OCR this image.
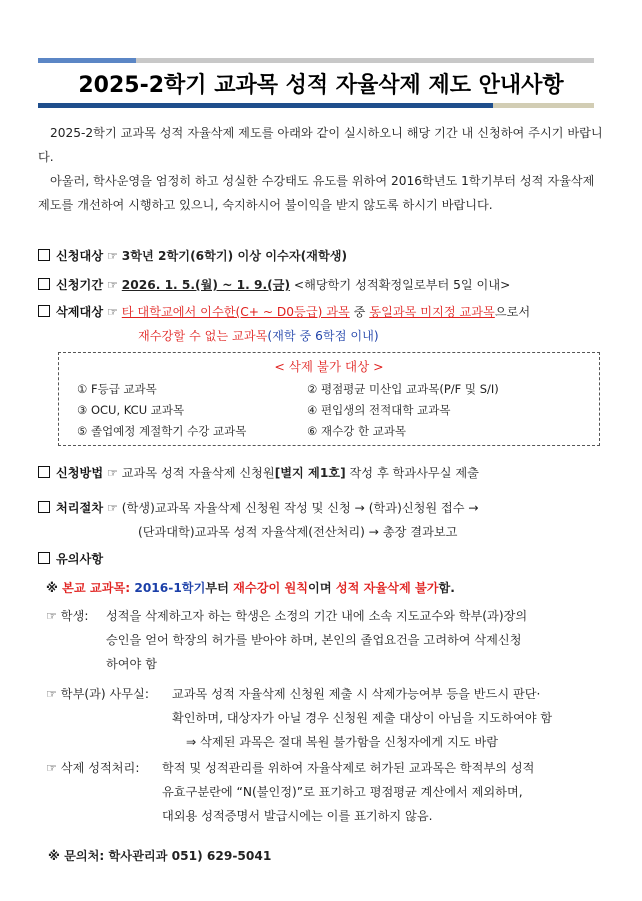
2025-2학기 교과목 성적 자율삭제 제도 안내사항
2025-2학기 교과목 성적 자율삭제 제도를 아래와 같이 실시하오니 해당 기간 내 신청하여 주시기 바랍니다.
아울러, 학사운영을 엄정히 하고 성실한 수강태도 유도를 위하여 2016학년도 1학기부터 성적 자율삭제 제도를 개선하여 시행하고 있으니, 숙지하시어 불이익을 받지 않도록 하시기 바랍니다.
신청대상 ☞ 3학년 2학기(6학기) 이상 이수자(재학생)
신청기간 ☞ 2026. 1. 5.(월) ~ 1. 9.(금) <해당학기 성적확정일로부터 5일 이내>
삭제대상 ☞ 타 대학교에서 이수한(C+ ~ D0등급) 과목 중 동일과목 미지정 교과목으로서
재수강할 수 없는 교과목(재학 중 6학점 이내)
< 삭제 불가 대상 >
① F등급 교과목	② 평점평균 미산입 교과목(P/F 및 S/I)
③ OCU, KCU 교과목	④ 편입생의 전적대학 교과목
⑤ 졸업예정 계절학기 수강 교과목	⑥ 재수강 한 교과목
신청방법 ☞ 교과목 성적 자율삭제 신청원[별지 제1호] 작성 후 학과사무실 제출
처리절차 ☞ (학생)교과목 자율삭제 신청원 작성 및 신청 → (학과)신청원 접수 →
(단과대학)교과목 성적 자율삭제(전산처리) → 총장 결과보고
유의사항
※ 본교 교과목: 2016-1학기부터 재수강이 원칙이며 성적 자율삭제 불가함.
☞ 학생: 성적을 삭제하고자 하는 학생은 소정의 기간 내에 소속 지도교수와 학부(과)장의
승인을 얻어 학장의 허가를 받아야 하며, 본인의 졸업요건을 고려하여 삭제신청
하여야 함
☞ 학부(과) 사무실: 교과목 성적 자율삭제 신청원 제출 시 삭제가능여부 등을 반드시 판단·
확인하며, 대상자가 아닐 경우 신청원 제출 대상이 아님을 지도하여야 함
⇒ 삭제된 과목은 절대 복원 불가함을 신청자에게 지도 바람
☞ 삭제 성적처리: 학적 및 성적관리를 위하여 자율삭제로 허가된 교과목은 학적부의 성적
유효구분란에 “N(불인정)”로 표기하고 평점평균 계산에서 제외하며,
대외용 성적증명서 발급시에는 이를 표기하지 않음.
※ 문의처: 학사관리과 051) 629-5041
